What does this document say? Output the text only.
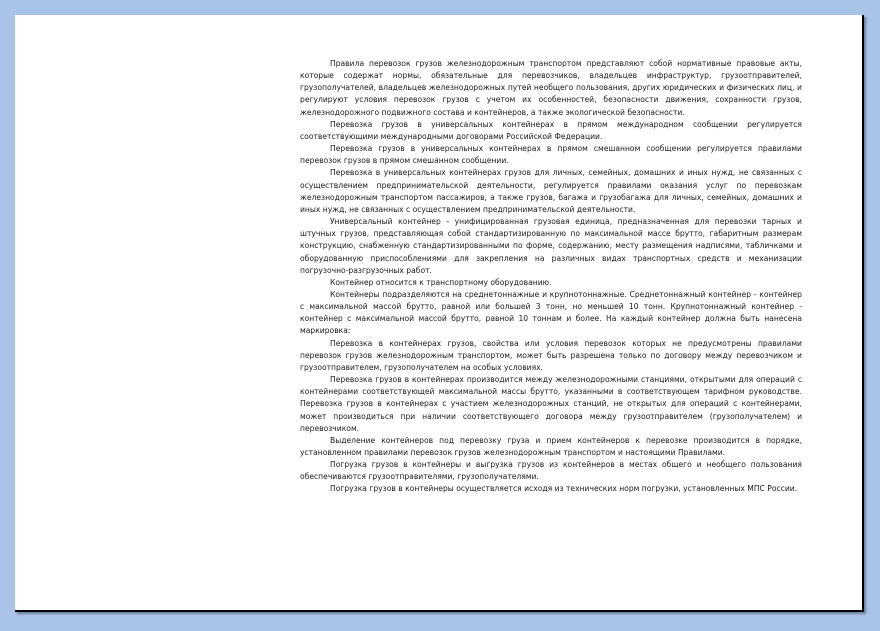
Правила перевозок грузов железнодорожным транспортом представляют собой нормативные правовые акты, которые содержат нормы, обязательные для перевозчиков, владельцев инфраструктур, грузоотправителей, грузополучателей, владельцев железнодорожных путей необщего пользования, других юридических и физических лиц, и регулируют условия перевозок грузов с учетом их особенностей, безопасности движения, сохранности грузов, железнодорожного подвижного состава и контейнеров, а также экологической безопасности.

Перевозка грузов в универсальных контейнерах в прямом международном сообщении регулируется соответствующими международными договорами Российской Федерации.

Перевозка грузов в универсальных контейнерах в прямом смешанном сообщении регулируется правилами перевозок грузов в прямом смешанном сообщении.

Перевозка в универсальных контейнерах грузов для личных, семейных, домашних и иных нужд, не связанных с осуществлением предпринимательской деятельности, регулируется правилами оказания услуг по перевозкам железнодорожным транспортом пассажиров, а также грузов, багажа и грузобагажа для личных, семейных, домашних и иных нужд, не связанных с осуществлением предпринимательской деятельности.

Универсальный контейнер - унифицированная грузовая единица, предназначенная для перевозки тарных и штучных грузов, представляющая собой стандартизированную по максимальной массе брутто, габаритным размерам конструкцию, снабженную стандартизированными по форме, содержанию, месту размещения надписями, табличками и оборудованную приспособлениями для закрепления на различных видах транспортных средств и механизации погрузочно-разгрузочных работ.

Контейнер относится к транспортному оборудованию.

Контейнеры подразделяются на среднетоннажные и крупнотоннажные. Среднетоннажный контейнер - контейнер с максимальной массой брутто, равной или большей 3 тонн, но меньшей 10 тонн. Крупнотоннажный контейнер - контейнер с максимальной массой брутто, равной 10 тоннам и более. На каждый контейнер должна быть нанесена маркировка:

Перевозка в контейнерах грузов, свойства или условия перевозок которых не предусмотрены правилами перевозок грузов железнодорожным транспортом, может быть разрешена только по договору между перевозчиком и грузоотправителем, грузополучателем на особых условиях.

Перевозка грузов в контейнерах производится между железнодорожными станциями, открытыми для операций с контейнерами соответствующей максимальной массы брутто, указанными в соответствующем тарифном руководстве. Перевозка грузов в контейнерах с участием железнодорожных станций, не открытых для операций с контейнерами, может производиться при наличии соответствующего договора между грузоотправителем (грузополучателем) и перевозчиком.

Выделение контейнеров под перевозку груза и прием контейнеров к перевозке производится в порядке, установленном правилами перевозок грузов железнодорожным транспортом и настоящими Правилами.

Погрузка грузов в контейнеры и выгрузка грузов из контейнеров в местах общего и необщего пользования обеспечиваются грузоотправителями, грузополучателями.

Погрузка грузов в контейнеры осуществляется исходя из технических норм погрузки, установленных МПС России.
